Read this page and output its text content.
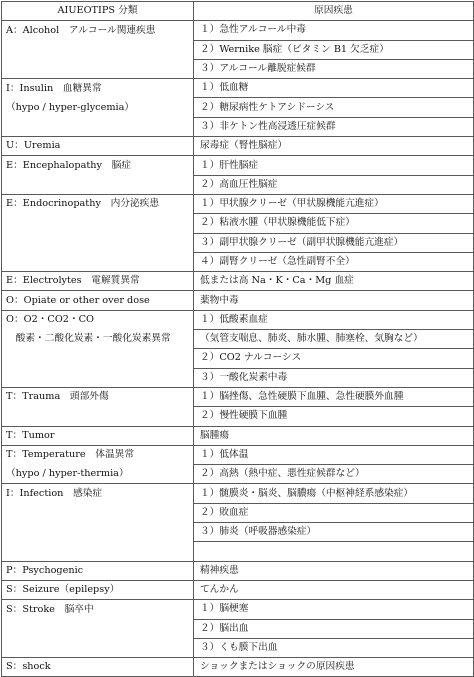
AIUEOTIPS 分類	原因疾患
A：Alcohol　アルコール関連疾患	１）急性アルコール中毒
	２）Wernike 脳症（ビタミン B1 欠乏症）
	３）アルコール離脱症候群
I：Insulin　血糖異常	１）低血糖
（hypo / hyper-glycemia）	２）糖尿病性ケトアシドーシス
	３）非ケトン性高浸透圧症候群
U：Uremia	尿毒症（腎性脳症）
E：Encephalopathy　脳症	１）肝性脳症
	２）高血圧性脳症
E：Endocrinopathy　内分泌疾患	１）甲状腺クリーゼ（甲状腺機能亢進症）
	２）粘液水腫（甲状腺機能低下症）
	３）副甲状腺クリーゼ（副甲状腺機能亢進症）
	４）副腎クリーゼ（急性副腎不全）
E：Electrolytes　電解質異常	低または高 Na・K・Ca・Mg 血症
O：Opiate or other over dose	薬物中毒
O：O2・CO2・CO	１）低酸素血症
　酸素・二酸化炭素・一酸化炭素異常	（気管支喘息、肺炎、肺水腫、肺塞栓、気胸など）
	２）CO2 ナルコーシス
	３）一酸化炭素中毒
T：Trauma　頭部外傷	１）脳挫傷、急性硬膜下血腫、急性硬膜外血腫
	２）慢性硬膜下血腫
T：Tumor	脳腫瘍
T：Temperature　体温異常	１）低体温
（hypo / hyper-thermia）	２）高熱（熱中症、悪性症候群など）
I：Infection　感染症	１）髄膜炎・脳炎、脳膿瘍（中枢神経系感染症）
	２）敗血症
	３）肺炎（呼吸器感染症）

P：Psychogenic	精神疾患
S：Seizure（epilepsy）	てんかん
S：Stroke　脳卒中	１）脳梗塞
	２）脳出血
	３）くも膜下出血
S：shock	ショックまたはショックの原因疾患
